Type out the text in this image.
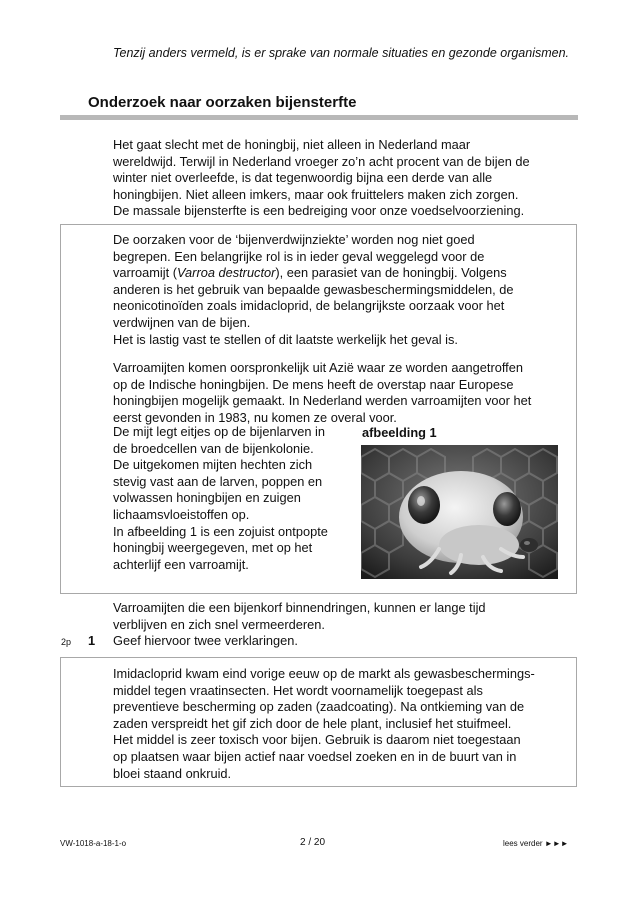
Tenzij anders vermeld, is er sprake van normale situaties en gezonde organismen.
Onderzoek naar oorzaken bijensterfte
Het gaat slecht met de honingbij, niet alleen in Nederland maar
wereldwijd. Terwijl in Nederland vroeger zo’n acht procent van de bijen de
winter niet overleefde, is dat tegenwoordig bijna een derde van alle
honingbijen. Niet alleen imkers, maar ook fruittelers maken zich zorgen.
De massale bijensterfte is een bedreiging voor onze voedselvoorziening.
De oorzaken voor de ‘bijenverdwijnziekte’ worden nog niet goed
begrepen. Een belangrijke rol is in ieder geval weggelegd voor de
varroamijt (Varroa destructor), een parasiet van de honingbij. Volgens
anderen is het gebruik van bepaalde gewasbeschermingsmiddelen, de
neonicotinoïden zoals imidacloprid, de belangrijkste oorzaak voor het
verdwijnen van de bijen.
Het is lastig vast te stellen of dit laatste werkelijk het geval is.
Varroamijten komen oorspronkelijk uit Azië waar ze worden aangetroffen
op de Indische honingbijen. De mens heeft de overstap naar Europese
honingbijen mogelijk gemaakt. In Nederland werden varroamijten voor het
eerst gevonden in 1983, nu komen ze overal voor.
De mijt legt eitjes op de bijenlarven in
de broedcellen van de bijenkolonie.
De uitgekomen mijten hechten zich
stevig vast aan de larven, poppen en
volwassen honingbijen en zuigen
lichaamsvloeistoffen op.
In afbeelding 1 is een zojuist ontpopte
honingbij weergegeven, met op het
achterlijf een varroamijt.
afbeelding 1
Varroamijten die een bijenkorf binnendringen, kunnen er lange tijd
verblijven en zich snel vermeerderen.
2p 1 Geef hiervoor twee verklaringen.
Imidacloprid kwam eind vorige eeuw op de markt als gewasbeschermings-
middel tegen vraatinsecten. Het wordt voornamelijk toegepast als
preventieve bescherming op zaden (zaadcoating). Na ontkieming van de
zaden verspreidt het gif zich door de hele plant, inclusief het stuifmeel.
Het middel is zeer toxisch voor bijen. Gebruik is daarom niet toegestaan
op plaatsen waar bijen actief naar voedsel zoeken en in de buurt van in
bloei staand onkruid.
VW-1018-a-18-1-o	2 / 20	lees verder ►►►
